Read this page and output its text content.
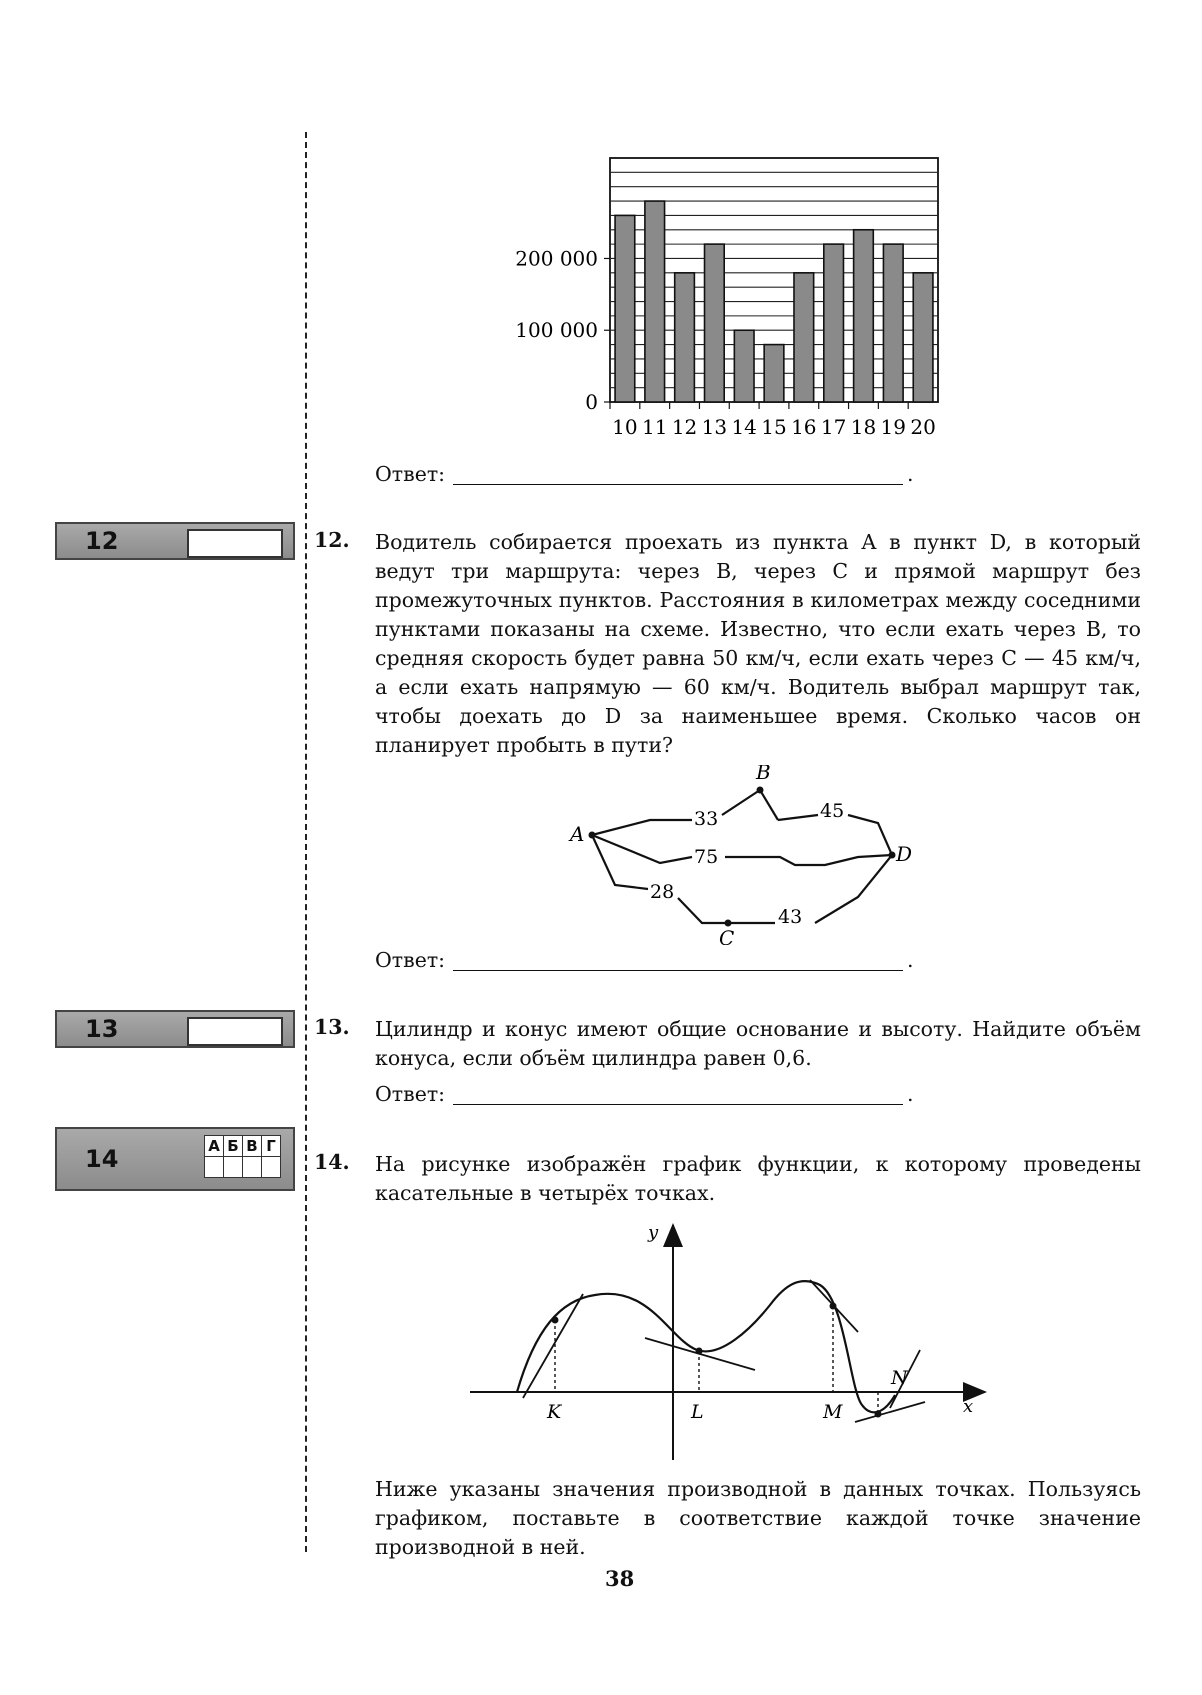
0
100 000
200 000
10 11 12 13 14 15 16 17 18 19 20
Ответ:	.
12
13
14	А	Б	В	Г

12. Водитель собирается проехать из пункта A в пункт D, в который ведут три маршрута: через B, через C и прямой маршрут без промежуточных пунктов. Расстояния в километрах между соседними пунктами показаны на схеме. Известно, что если ехать через B, то средняя скорость будет равна 50 км/ч, если ехать через C — 45 км/ч, а если ехать напрямую — 60 км/ч. Водитель выбрал маршрут так, чтобы доехать до D за наименьшее время. Сколько часов он планирует пробыть в пути?

A
B
C
D
33	45
75
28
43
Ответ:	.
13. Цилиндр и конус имеют общие основание и высоту. Найдите объём конуса, если объём цилиндра равен 0,6.

Ответ:	.
14. На рисунке изображён график функции, к которому проведены касательные в четырёх точках.

x
y
K	L	M
N

Ниже указаны значения производной в данных точках. Пользуясь графиком, поставьте в соответствие каждой точке значение производной в ней.

38
